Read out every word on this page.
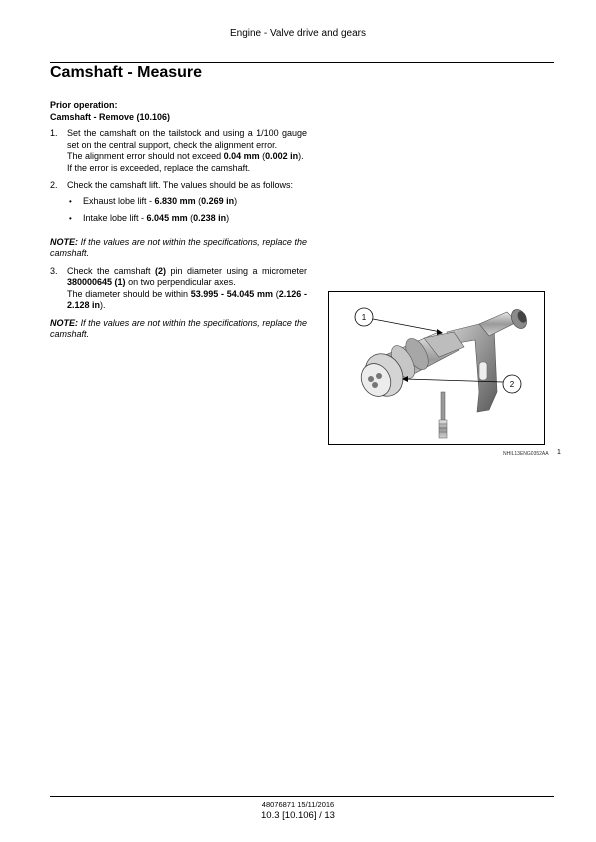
Engine - Valve drive and gears
Camshaft - Measure
Prior operation:
Camshaft - Remove (10.106)
1.	Set the camshaft on the tailstock and using a 1/100 gauge set on the central support, check the alignment error.
The alignment error should not exceed 0.04 mm (0.002 in).
If the error is exceeded, replace the camshaft.
2.	Check the camshaft lift. The values should be as follows:
•	Exhaust lobe lift - 6.830 mm (0.269 in)
•	Intake lobe lift - 6.045 mm (0.238 in)
NOTE: If the values are not within the specifications, replace the camshaft.
3.	Check the camshaft (2) pin diameter using a micrometer 380000645 (1) on two perpendicular axes.
The diameter should be within 53.995 - 54.045 mm (2.126 - 2.128 in).
NOTE: If the values are not within the specifications, replace the camshaft.
1
2
NHIL13ENG0352AA 1
48076871 15/11/2016
10.3 [10.106] / 13
